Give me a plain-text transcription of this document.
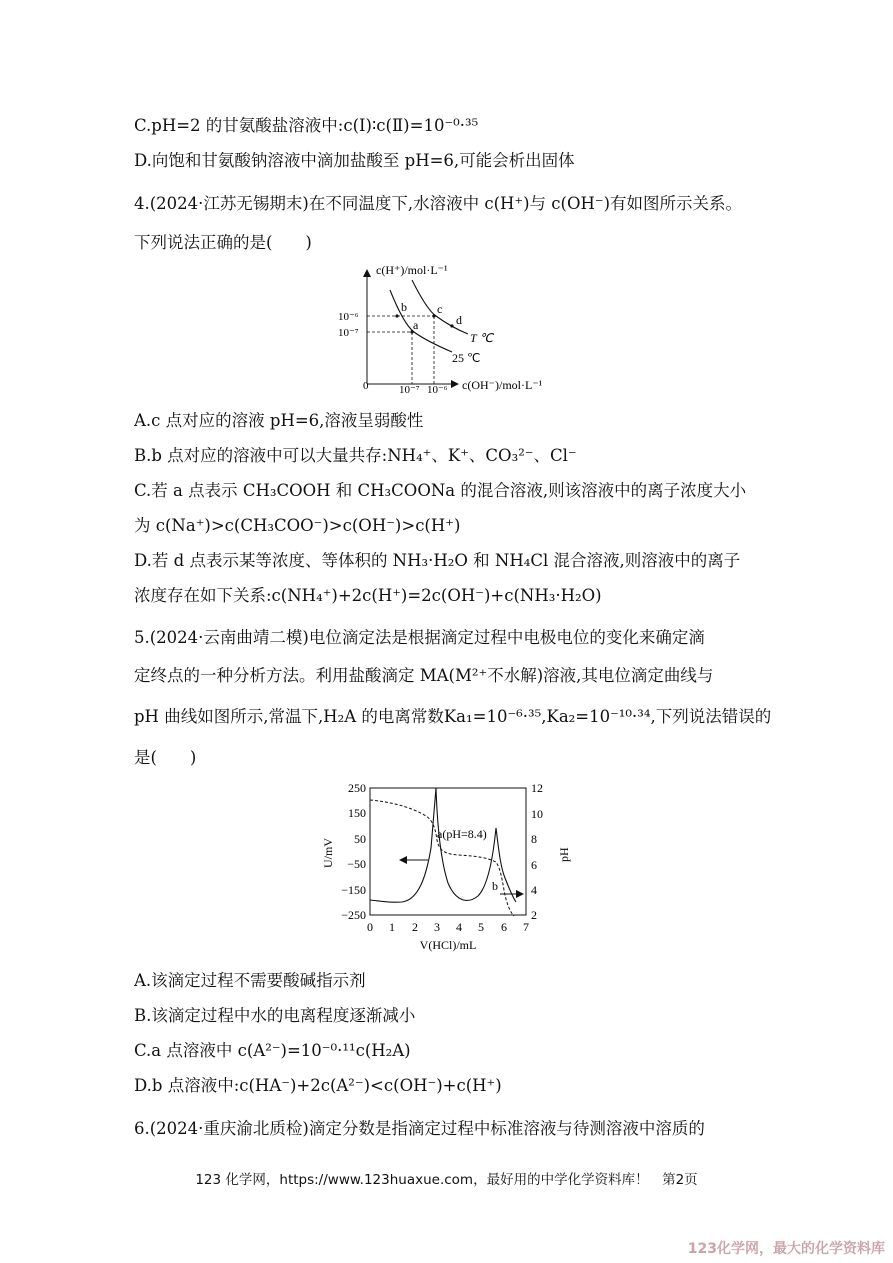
C.pH=2 的甘氨酸盐溶液中:c(Ⅰ)∶c(Ⅱ)=10⁻⁰·³⁵
D.向饱和甘氨酸钠溶液中滴加盐酸至 pH=6,可能会析出固体
4.(2024·江苏无锡期末)在不同温度下,水溶液中 c(H⁺)与 c(OH⁻)有如图所示关系。
下列说法正确的是(　　)
c(H⁺)/mol·L⁻¹
c(OH⁻)/mol·L⁻¹
0
10⁻⁶
10⁻⁷
10⁻⁷ 10⁻⁶
b	c
a	d
T ℃
25 ℃
A.c 点对应的溶液 pH=6,溶液呈弱酸性
B.b 点对应的溶液中可以大量共存:NH₄⁺、K⁺、CO₃²⁻、Cl⁻
C.若 a 点表示 CH₃COOH 和 CH₃COONa 的混合溶液,则该溶液中的离子浓度大小
为 c(Na⁺)>c(CH₃COO⁻)>c(OH⁻)>c(H⁺)
D.若 d 点表示某等浓度、等体积的 NH₃·H₂O 和 NH₄Cl 混合溶液,则溶液中的离子
浓度存在如下关系:c(NH₄⁺)+2c(H⁺)=2c(OH⁻)+c(NH₃·H₂O)
5.(2024·云南曲靖二模)电位滴定法是根据滴定过程中电极电位的变化来确定滴
定终点的一种分析方法。利用盐酸滴定 MA(M²⁺不水解)溶液,其电位滴定曲线与
pH 曲线如图所示,常温下,H₂A 的电离常数Ka₁=10⁻⁶·³⁵,Ka₂=10⁻¹⁰·³⁴,下列说法错误的
是(　　)
250
150
50
−50
−150
−250
12
10
8
6
4
2
0 1 2 3 4 5 6 7
V(HCl)/mL
U/mV	pH
a(pH=8.4)
b
A.该滴定过程不需要酸碱指示剂
B.该滴定过程中水的电离程度逐渐减小
C.a 点溶液中 c(A²⁻)=10⁻⁰·¹¹c(H₂A)
D.b 点溶液中:c(HA⁻)+2c(A²⁻)<c(OH⁻)+c(H⁺)
6.(2024·重庆渝北质检)滴定分数是指滴定过程中标准溶液与待测溶液中溶质的
123 化学网，https://www.123huaxue.com，最好用的中学化学资料库！　第2页
123化学网，最大的化学资料库
